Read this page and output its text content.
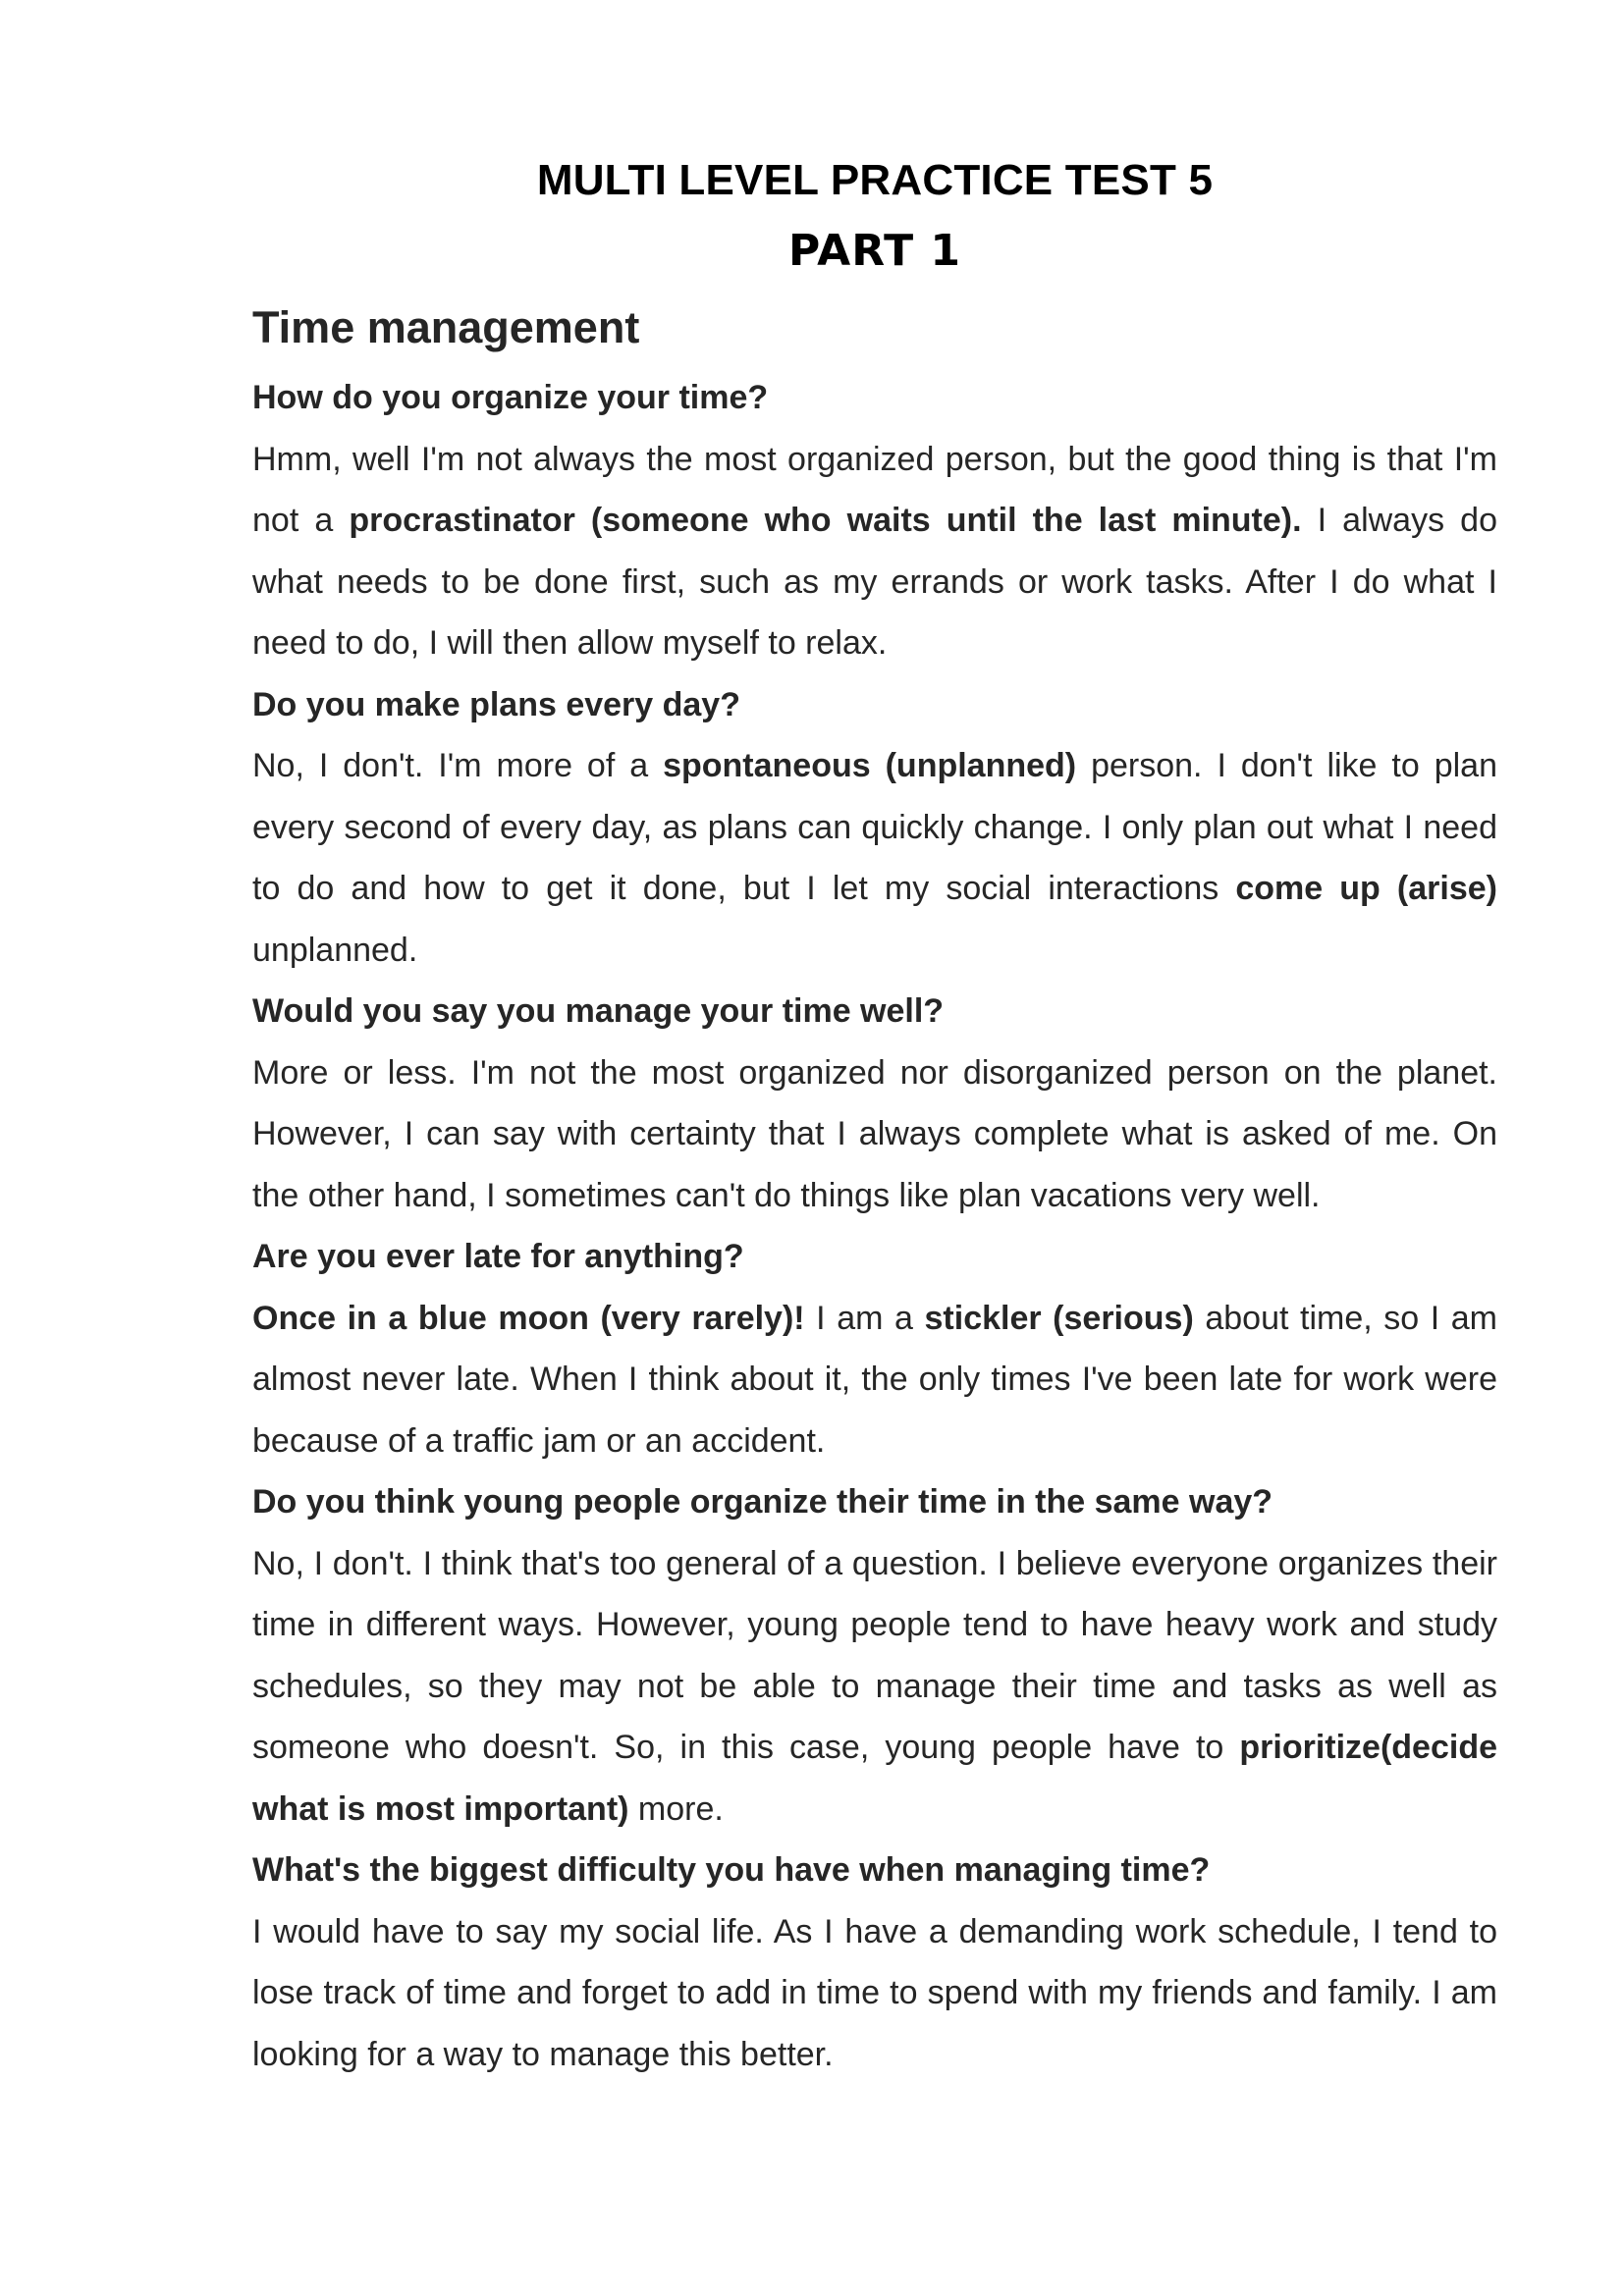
MULTI LEVEL PRACTICE TEST 5
PART 1
Time management

How do you organize your time?

Hmm, well I'm not always the most organized person, but the good thing is that I'm not a procrastinator (someone who waits until the last minute). I always do what needs to be done first, such as my errands or work tasks. After I do what I need to do, I will then allow myself to relax.

Do you make plans every day?

No, I don't. I'm more of a spontaneous (unplanned) person. I don't like to plan every second of every day, as plans can quickly change. I only plan out what I need to do and how to get it done, but I let my social interactions come up (arise) unplanned.

Would you say you manage your time well?

More or less. I'm not the most organized nor disorganized person on the planet. However, I can say with certainty that I always complete what is asked of me. On the other hand, I sometimes can't do things like plan vacations very well.

Are you ever late for anything?

Once in a blue moon (very rarely)! I am a stickler (serious) about time, so I am almost never late. When I think about it, the only times I've been late for work were because of a traffic jam or an accident.

Do you think young people organize their time in the same way?

No, I don't. I think that's too general of a question. I believe everyone organizes their time in different ways. However, young people tend to have heavy work and study schedules, so they may not be able to manage their time and tasks as well as someone who doesn't. So, in this case, young people have to prioritize(decide what is most important) more.

What's the biggest difficulty you have when managing time?

I would have to say my social life. As I have a demanding work schedule, I tend to lose track of time and forget to add in time to spend with my friends and family. I am looking for a way to manage this better.
